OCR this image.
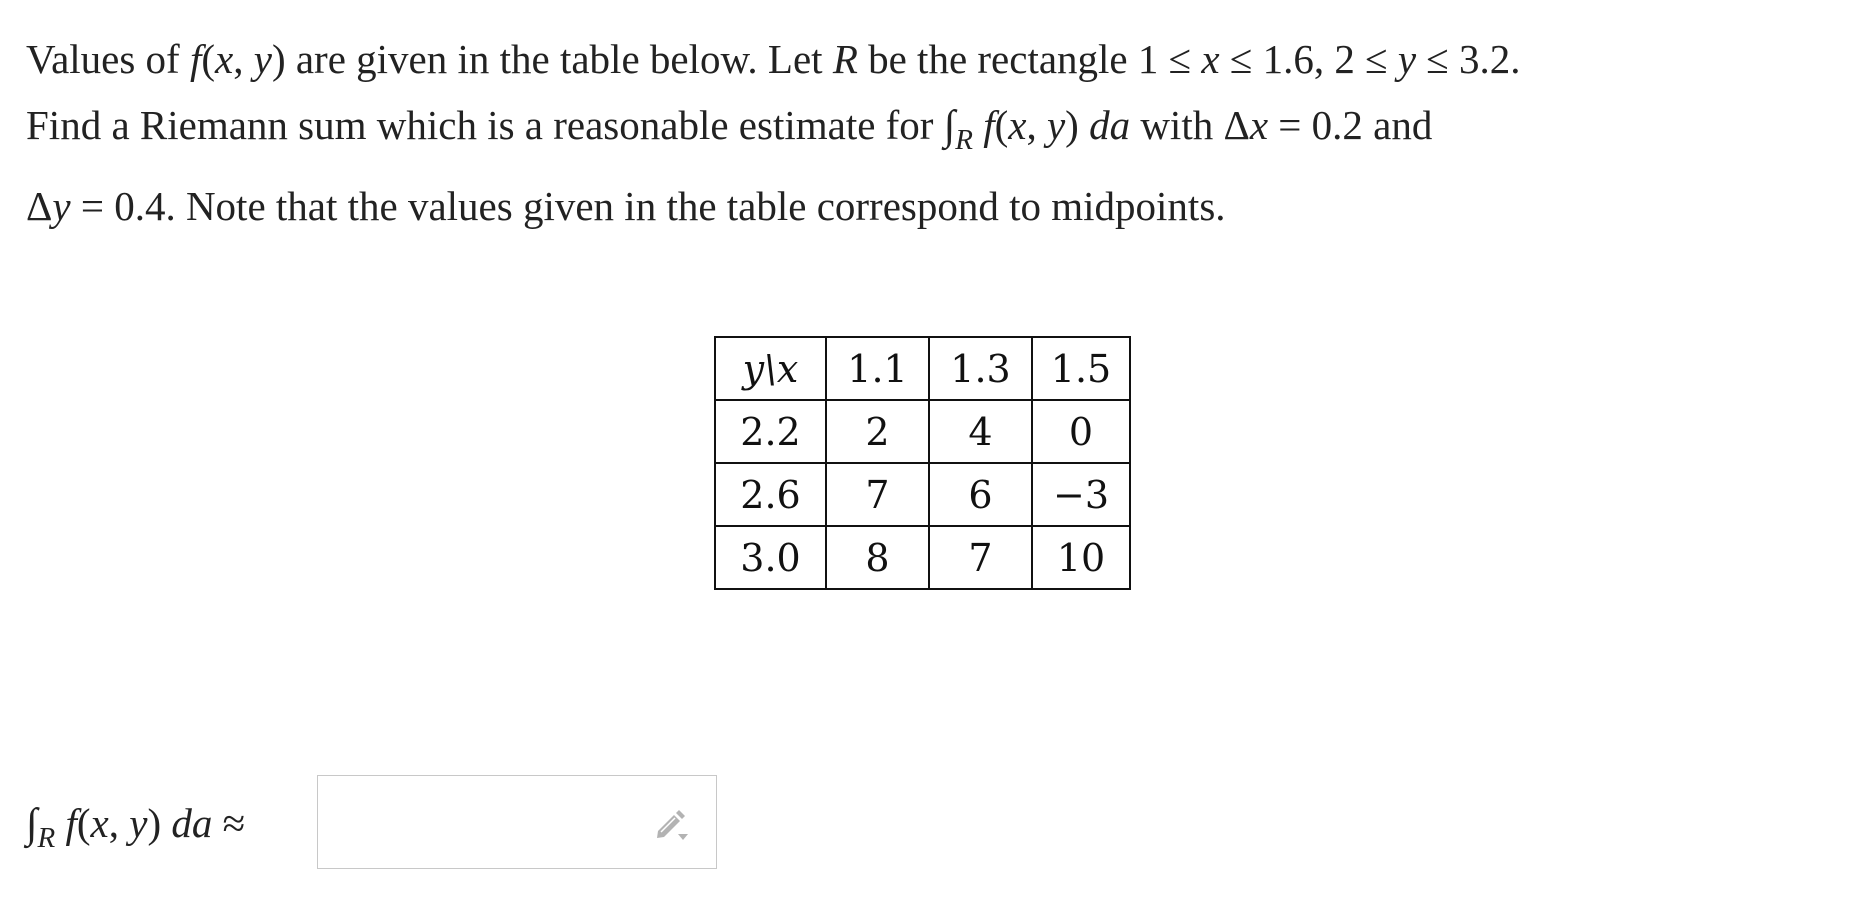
Values of f(x, y) are given in the table below. Let R be the rectangle 1 ≤ x ≤ 1.6, 2 ≤ y ≤ 3.2.

Find a Riemann sum which is a reasonable estimate for $\int_R$ f(x, y) da with Δx = 0.2 and

Δy = 0.4. Note that the values given in the table correspond to midpoints.

y\x	1.1	1.3	1.5
2.2	2	4	0
2.6	7	6	−3
3.0	8	7	10
$\int_R$ f(x, y) da ≈
